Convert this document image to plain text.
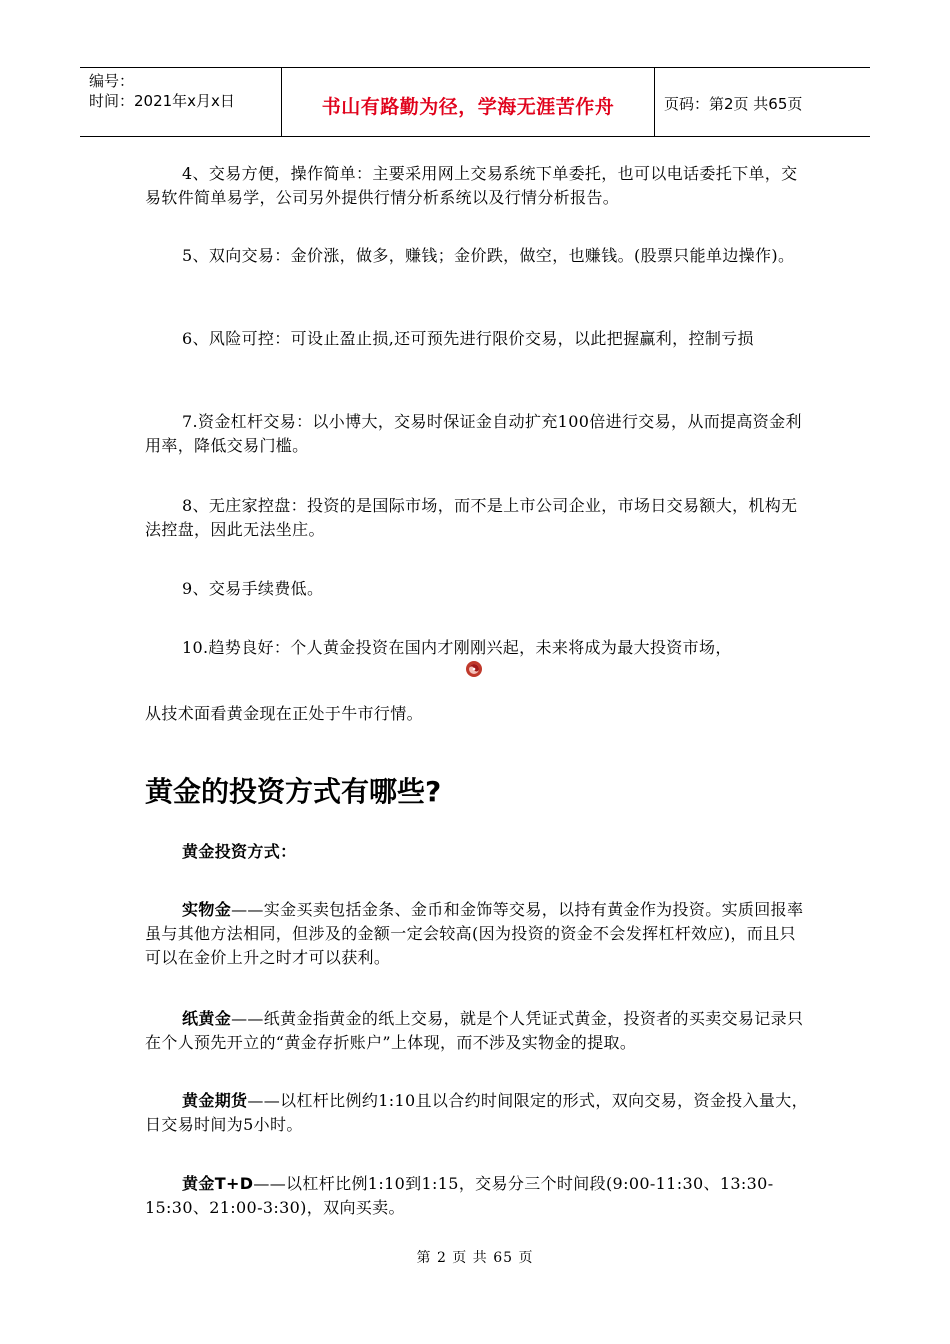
编号：
时间：2021年x月x日	书山有路勤为径，学海无涯苦作舟	页码：第2页 共65页

4、交易方便，操作简单：主要采用网上交易系统下单委托，也可以电话委托下单，交易软件简单易学，公司另外提供行情分析系统以及行情分析报告。

5、双向交易：金价涨，做多，赚钱；金价跌，做空，也赚钱。(股票只能单边操作)。

6、风险可控：可设止盈止损,还可预先进行限价交易，以此把握赢利，控制亏损

7.资金杠杆交易：以小博大，交易时保证金自动扩充100倍进行交易，从而提高资金利用率，降低交易门槛。

8、无庄家控盘：投资的是国际市场，而不是上市公司企业，市场日交易额大，机构无法控盘，因此无法坐庄。

9、交易手续费低。

10.趋势良好：个人黄金投资在国内才刚刚兴起，未来将成为最大投资市场，

从技术面看黄金现在正处于牛市行情。

黄金的投资方式有哪些?

黄金投资方式：

实物金——实金买卖包括金条、金币和金饰等交易，以持有黄金作为投资。实质回报率虽与其他方法相同，但涉及的金额一定会较高(因为投资的资金不会发挥杠杆效应)，而且只可以在金价上升之时才可以获利。

纸黄金——纸黄金指黄金的纸上交易，就是个人凭证式黄金，投资者的买卖交易记录只在个人预先开立的“黄金存折账户”上体现，而不涉及实物金的提取。

黄金期货——以杠杆比例约1:10且以合约时间限定的形式，双向交易，资金投入量大，日交易时间为5小时。

黄金T+D——以杠杆比例1:10到1:15，交易分三个时间段(9:00-11:30、13:30-15:30、21:00-3:30)，双向买卖。

第 2 页 共 65 页
